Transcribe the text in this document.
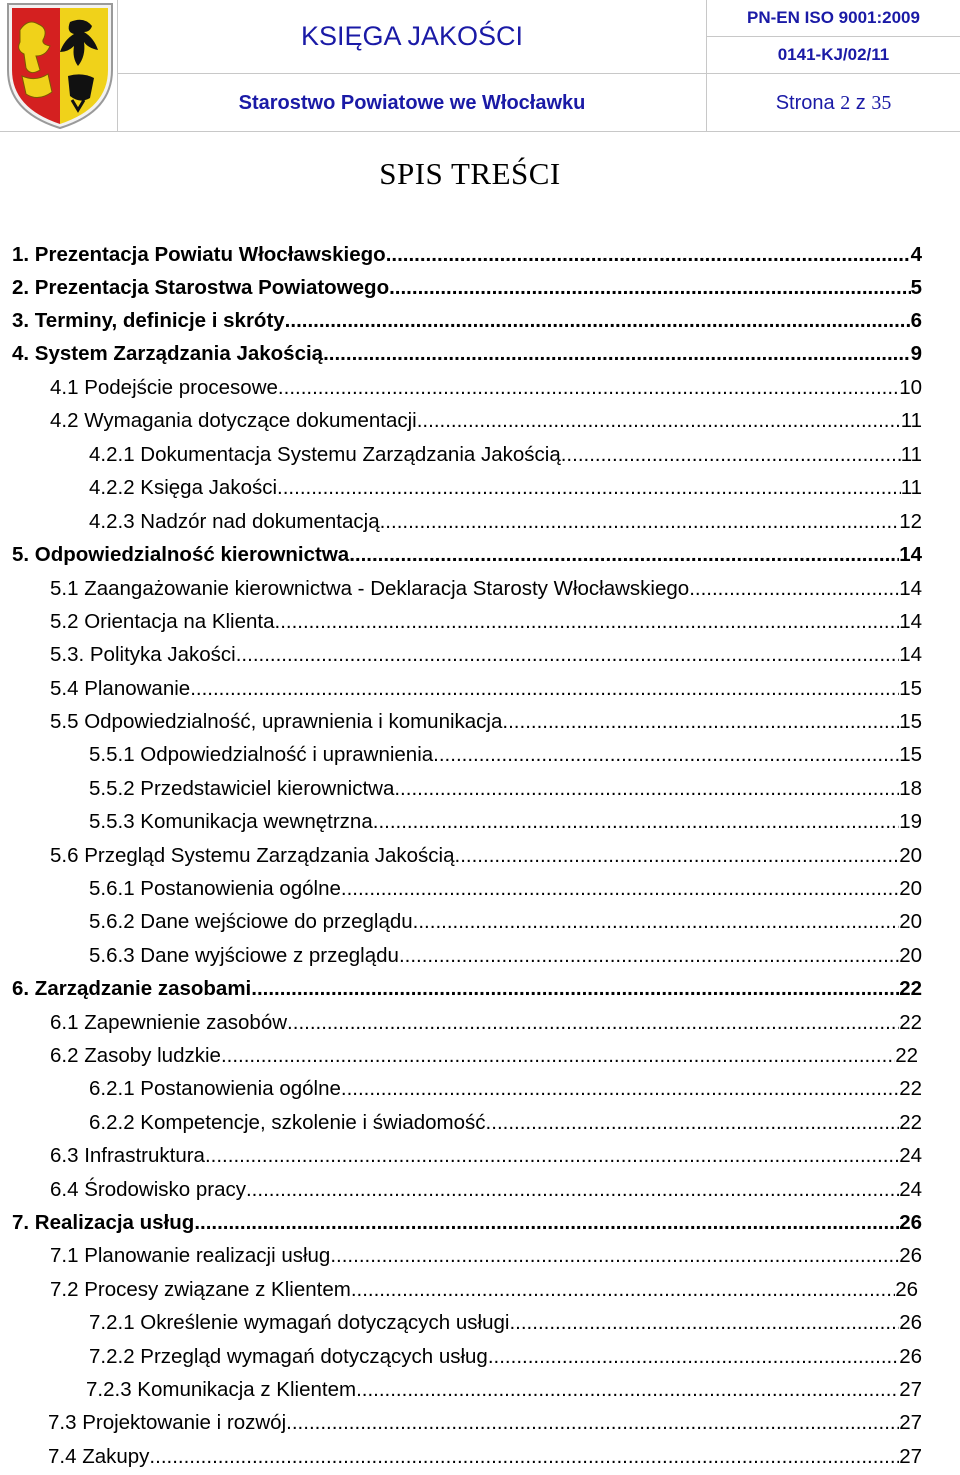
KSIĘGA JAKOŚCI
PN-EN ISO 9001:2009
0141-KJ/02/11
Starostwo Powiatowe we Włocławku	Strona
2
z
35
SPIS TREŚCI
1. Prezentacja Powiatu Włocławskiego .....	4
2. Prezentacja Starostwa Powiatowego .....	5
3. Terminy, definicje i skróty .....	6
4. System Zarządzania Jakością .....	9
4.1 Podejście procesowe .....	10
4.2 Wymagania dotyczące dokumentacji .....	11
4.2.1 Dokumentacja Systemu Zarządzania Jakością .....	11
4.2.2 Księga Jakości .....	11
4.2.3 Nadzór nad dokumentacją .....	12
5. Odpowiedzialność kierownictwa .....	14
5.1 Zaangażowanie kierownictwa - Deklaracja Starosty Włocławskiego .....	14
5.2 Orientacja na Klienta .....	14
5.3. Polityka Jakości .....	14
5.4 Planowanie .....	15
5.5 Odpowiedzialność, uprawnienia i komunikacja .....	15
5.5.1 Odpowiedzialność i uprawnienia .....	15
5.5.2 Przedstawiciel kierownictwa .....	18
5.5.3 Komunikacja wewnętrzna .....	19
5.6 Przegląd Systemu Zarządzania Jakością .....	20
5.6.1 Postanowienia ogólne .....	20
5.6.2 Dane wejściowe do przeglądu .....	20
5.6.3 Dane wyjściowe z przeglądu .....	20
6. Zarządzanie zasobami .....	22
6.1 Zapewnienie zasobów .....	22
6.2 Zasoby ludzkie .....	22
6.2.1 Postanowienia ogólne .....	22
6.2.2 Kompetencje, szkolenie i świadomość .....	22
6.3 Infrastruktura .....	24
6.4 Środowisko pracy .....	24
7. Realizacja usług .....	26
7.1 Planowanie realizacji usług .....	26
7.2 Procesy związane z Klientem .....	26
7.2.1 Określenie wymagań dotyczących usługi .....	26
7.2.2 Przegląd wymagań dotyczących usług .....	26
7.2.3 Komunikacja z Klientem .....	27
7.3 Projektowanie i rozwój .....	27
7.4 Zakupy .....	27
